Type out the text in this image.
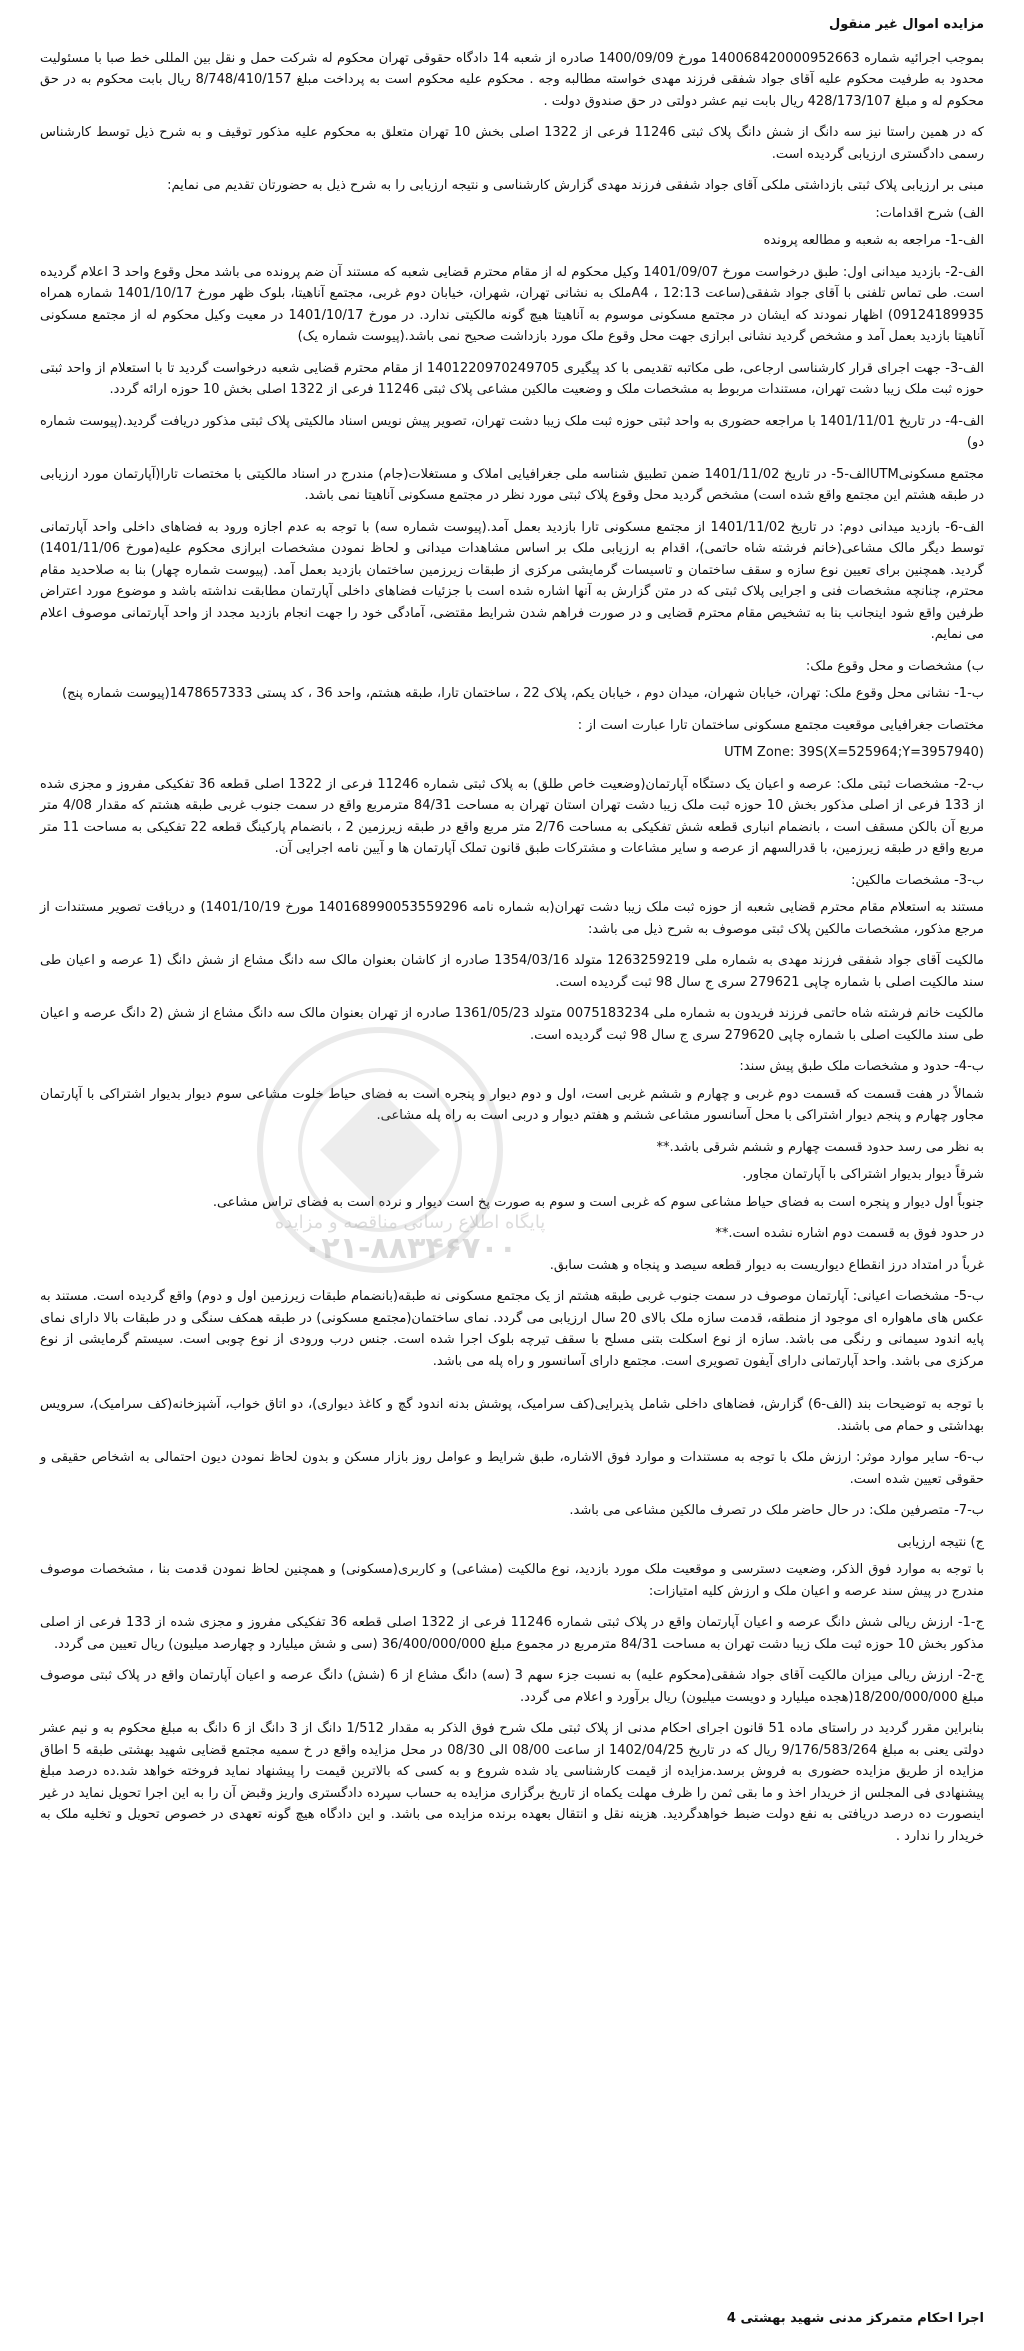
مزایده اموال غیر منقول

بموجب اجرائیه شماره 140068420000952663 مورخ 1400/09/09 صادره از شعبه 14 دادگاه حقوقی تهران محکوم له شرکت حمل و نقل بین المللی خط صبا با مسئولیت محدود به طرفیت محکوم علیه آقای جواد شفقی فرزند مهدی خواسته مطالبه وجه . محکوم علیه محکوم است به پرداخت مبلغ 8/748/410/157 ریال بابت محکوم به در حق محکوم له و مبلغ 428/173/107 ریال بابت نیم عشر دولتی در حق صندوق دولت .

که در همین راستا نیز سه دانگ از شش دانگ پلاک ثبتی 11246 فرعی از 1322 اصلی بخش 10 تهران متعلق به محکوم علیه مذکور توقیف و به شرح ذیل توسط کارشناس رسمی دادگستری ارزیابی گردیده است.

مبنی بر ارزیابی پلاک ثبتی بازداشتی ملکی آقای جواد شفقی فرزند مهدی گزارش کارشناسی و نتیجه ارزیابی را به شرح ذیل به حضورتان تقدیم می نمایم:

الف) شرح اقدامات:

الف-1- مراجعه به شعبه و مطالعه پرونده

الف-2- بازدید میدانی اول: طبق درخواست مورخ 1401/09/07 وکیل محکوم له از مقام محترم قضایی شعبه که مستند آن ضم پرونده می باشد محل وقوع واحد 3 اعلام گردیده است. طی تماس تلفنی با آقای جواد شفقی(ساعت 12:13 ، A4ملک به نشانی تهران، شهران، خیابان دوم غربی، مجتمع آناهیتا، بلوک ظهر مورخ 1401/10/17 شماره همراه 09124189935) اظهار نمودند که ایشان در مجتمع مسکونی موسوم به آناهیتا هیچ گونه مالکیتی ندارد. در مورخ 1401/10/17 در معیت وکیل محکوم له از مجتمع مسکونی آناهیتا بازدید بعمل آمد و مشخص گردید نشانی ابرازی جهت محل وقوع ملک مورد بازداشت صحیح نمی باشد.(پیوست شماره یک)

الف-3- جهت اجرای قرار کارشناسی ارجاعی، طی مکاتبه تقدیمی با کد پیگیری 1401220970249705 از مقام محترم قضایی شعبه درخواست گردید تا با استعلام از واحد ثبتی حوزه ثبت ملک زیبا دشت تهران، مستندات مربوط به مشخصات ملک و وضعیت مالکین مشاعی پلاک ثبتی 11246 فرعی از 1322 اصلی بخش 10 حوزه ارائه گردد.

الف-4- در تاریخ 1401/11/01 با مراجعه حضوری به واحد ثبتی حوزه ثبت ملک زیبا دشت تهران، تصویر پیش نویس اسناد مالکیتی پلاک ثبتی مذکور دریافت گردید.(پیوست شماره دو)

مجتمع مسکونیUTMالف-5- در تاریخ 1401/11/02 ضمن تطبیق شناسه ملی جغرافیایی املاک و مستغلات(جام) مندرج در اسناد مالکیتی با مختصات تارا(آپارتمان مورد ارزیابی در طبقه هشتم این مجتمع واقع شده است) مشخص گردید محل وقوع پلاک ثبتی مورد نظر در مجتمع مسکونی آناهیتا نمی باشد.

الف-6- بازدید میدانی دوم: در تاریخ 1401/11/02 از مجتمع مسکونی تارا بازدید بعمل آمد.(پیوست شماره سه) با توجه به عدم اجازه ورود به فضاهای داخلی واحد آپارتمانی توسط دیگر مالک مشاعی(خانم فرشته شاه حاتمی)، اقدام به ارزیابی ملک بر اساس مشاهدات میدانی و لحاظ نمودن مشخصات ابرازی محکوم علیه(مورخ 1401/11/06) گردید. همچنین برای تعیین نوع سازه و سقف ساختمان و تاسیسات گرمایشی مرکزی از طبقات زیرزمین ساختمان بازدید بعمل آمد. (پیوست شماره چهار) بنا به صلاحدید مقام محترم، چنانچه مشخصات فنی و اجرایی پلاک ثبتی که در متن گزارش به آنها اشاره شده است با جزئیات فضاهای داخلی آپارتمان مطابقت نداشته باشد و موضوع مورد اعتراض طرفین واقع شود اینجانب بنا به تشخیص مقام محترم قضایی و در صورت فراهم شدن شرایط مقتضی، آمادگی خود را جهت انجام بازدید مجدد از واحد آپارتمانی موصوف اعلام می نمایم.

ب) مشخصات و محل وقوع ملک:

ب-1- نشانی محل وقوع ملک: تهران، خیابان شهران، میدان دوم ، خیابان یکم، پلاک 22 ، ساختمان تارا، طبقه هشتم، واحد 36 ، کد پستی 1478657333(پیوست شماره پنج)

مختصات جغرافیایی موقعیت مجتمع مسکونی ساختمان تارا عبارت است از :

UTM Zone: 39S(X=525964;Y=3957940)

ب-2- مشخصات ثبتی ملک: عرصه و اعیان یک دستگاه آپارتمان(وضعیت خاص طلق) به پلاک ثبتی شماره 11246 فرعی از 1322 اصلی قطعه 36 تفکیکی مفروز و مجزی شده از 133 فرعی از اصلی مذکور بخش 10 حوزه ثبت ملک زیبا دشت تهران استان تهران به مساحت 84/31 مترمربع واقع در سمت جنوب غربی طبقه هشتم که مقدار 4/08 متر مربع آن بالکن مسقف است ، بانضمام انباری قطعه شش تفکیکی به مساحت 2/76 متر مربع واقع در طبقه زیرزمین 2 ، بانضمام پارکینگ قطعه 22 تفکیکی به مساحت 11 متر مربع واقع در طبقه زیرزمین، با قدرالسهم از عرصه و سایر مشاعات و مشترکات طبق قانون تملک آپارتمان ها و آیین نامه اجرایی آن.

ب-3- مشخصات مالکین:

مستند به استعلام مقام محترم قضایی شعبه از حوزه ثبت ملک زیبا دشت تهران(به شماره نامه 140168990053559296 مورخ 1401/10/19) و دریافت تصویر مستندات از مرجع مذکور، مشخصات مالکین پلاک ثبتی موصوف به شرح ذیل می باشد:

مالکیت آقای جواد شفقی فرزند مهدی به شماره ملی 1263259219 متولد 1354/03/16 صادره از کاشان بعنوان مالک سه دانگ مشاع از شش دانگ (1 عرصه و اعیان طی سند مالکیت اصلی با شماره چاپی 279621 سری ج سال 98 ثبت گردیده است.

مالکیت خانم فرشته شاه حاتمی فرزند فریدون به شماره ملی 0075183234 متولد 1361/05/23 صادره از تهران بعنوان مالک سه دانگ مشاع از شش (2 دانگ عرصه و اعیان طی سند مالکیت اصلی با شماره چاپی 279620 سری ج سال 98 ثبت گردیده است.

ب-4- حدود و مشخصات ملک طبق پیش سند:

شمالاً در هفت قسمت که قسمت دوم غربی و چهارم و ششم غربی است، اول و دوم دیوار و پنجره است به فضای حیاط خلوت مشاعی سوم دیوار بدیوار اشتراکی با آپارتمان مجاور چهارم و پنجم دیوار اشتراکی با محل آسانسور مشاعی ششم و هفتم دیوار و دربی است به راه پله مشاعی.

به نظر می رسد حدود قسمت چهارم و ششم شرقی باشد.**

شرقاً دیوار بدیوار اشتراکی با آپارتمان مجاور.

جنوباً اول دیوار و پنجره است به فضای حیاط مشاعی سوم که غربی است و سوم به صورت پخ است دیوار و نرده است به فضای تراس مشاعی.

در حدود فوق به قسمت دوم اشاره نشده است.**

غرباً در امتداد درز انقطاع دیواریست به دیوار قطعه سیصد و پنجاه و هشت سابق.

ب-5- مشخصات اعیانی: آپارتمان موصوف در سمت جنوب غربی طبقه هشتم از یک مجتمع مسکونی نه طبقه(بانضمام طبقات زیرزمین اول و دوم) واقع گردیده است. مستند به عکس های ماهواره ای موجود از منطقه، قدمت سازه ملک بالای 20 سال ارزیابی می گردد. نمای ساختمان(مجتمع مسکونی) در طبقه همکف سنگی و در طبقات بالا دارای نمای پایه اندود سیمانی و رنگی می باشد. سازه از نوع اسکلت بتنی مسلح با سقف تیرچه بلوک اجرا شده است. جنس درب ورودی از نوع چوبی است. سیستم گرمایشی از نوع مرکزی می باشد. واحد آپارتمانی دارای آیفون تصویری است. مجتمع دارای آسانسور و راه پله می باشد.

با توجه به توضیحات بند (الف-6) گزارش، فضاهای داخلی شامل پذیرایی(کف سرامیک، پوشش بدنه اندود گچ و کاغذ دیواری)، دو اتاق خواب، آشپزخانه(کف سرامیک)، سرویس بهداشتی و حمام می باشند.

ب-6- سایر موارد موثر: ارزش ملک با توجه به مستندات و موارد فوق الاشاره، طبق شرایط و عوامل روز بازار مسکن و بدون لحاظ نمودن دیون احتمالی به اشخاص حقیقی و حقوقی تعیین شده است.

ب-7- متصرفین ملک: در حال حاضر ملک در تصرف مالکین مشاعی می باشد.

ج) نتیجه ارزیابی

با توجه به موارد فوق الذکر، وضعیت دسترسی و موقعیت ملک مورد بازدید، نوع مالکیت (مشاعی) و کاربری(مسکونی) و همچنین لحاظ نمودن قدمت بنا ، مشخصات موصوف مندرج در پیش سند عرصه و اعیان ملک و ارزش کلیه امتیازات:

ج-1- ارزش ریالی شش دانگ عرصه و اعیان آپارتمان واقع در پلاک ثبتی شماره 11246 فرعی از 1322 اصلی قطعه 36 تفکیکی مفروز و مجزی شده از 133 فرعی از اصلی مذکور بخش 10 حوزه ثبت ملک زیبا دشت تهران به مساحت 84/31 مترمربع در مجموع مبلغ 36/400/000/000 (سی و شش میلیارد و چهارصد میلیون) ریال تعیین می گردد.

ج-2- ارزش ریالی میزان مالکیت آقای جواد شفقی(محکوم علیه) به نسبت جزء سهم 3 (سه) دانگ مشاع از 6 (شش) دانگ عرصه و اعیان آپارتمان واقع در پلاک ثبتی موصوف مبلغ 18/200/000/000(هجده میلیارد و دویست میلیون) ریال برآورد و اعلام می گردد.

بنابراین مقرر گردید در راستای ماده 51 قانون اجرای احکام مدنی از پلاک ثبتی ملک شرح فوق الذکر به مقدار 1/512 دانگ از 3 دانگ از 6 دانگ به مبلغ محکوم به و نیم عشر دولتی یعنی به مبلغ 9/176/583/264 ریال که در تاریخ 1402/04/25 از ساعت 08/00 الی 08/30 در محل مزایده واقع در خ سمیه مجتمع قضایی شهید بهشتی طبقه 5 اطاق مزایده از طریق مزایده حضوری به فروش برسد.مزایده از قیمت کارشناسی یاد شده شروع و به کسی که بالاترین قیمت را پیشنهاد نماید فروخته خواهد شد.ده درصد مبلغ پیشنهادی فی المجلس از خریدار اخذ و ما بقی ثمن را ظرف مهلت یکماه از تاریخ برگزاری مزایده به حساب سپرده دادگستری واریز وقبض آن را به این اجرا تحویل نماید در غیر اینصورت ده درصد دریافتی به نفع دولت ضبط خواهدگردید. هزینه نقل و انتقال بعهده برنده مزایده می باشد. و این دادگاه هیچ گونه تعهدی در خصوص تحویل و تخلیه ملک به خریدار را ندارد .

اجرا احکام متمرکز مدنی شهید بهشتی 4

پایگاه اطلاع رسانی مناقصه و مزایده
۰۲۱-۸۸۳۴۶۷۰۰
